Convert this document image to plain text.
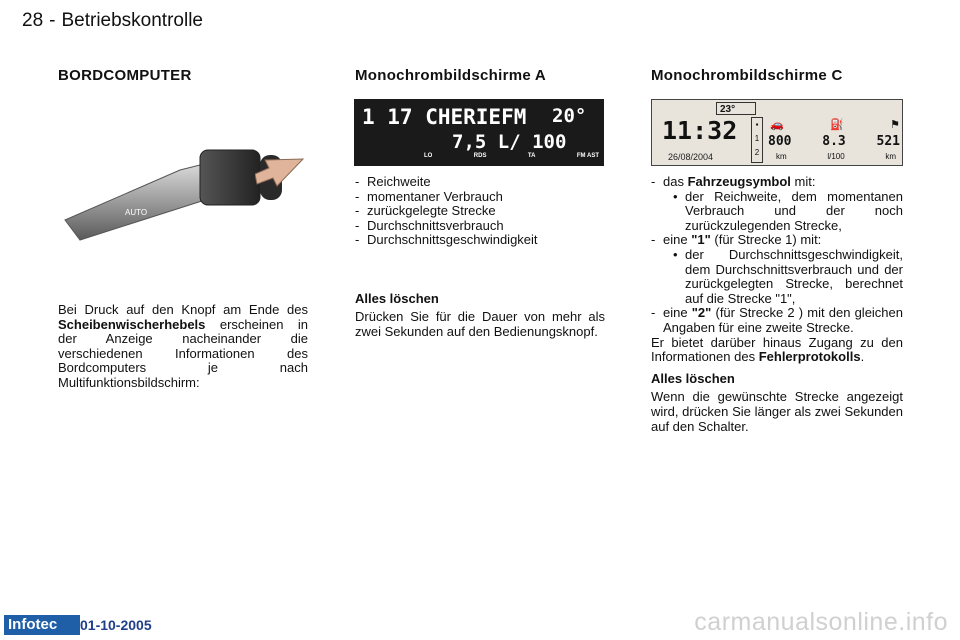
28 - Betriebskontrolle
BORDCOMPUTER
AUTO
Bei Druck auf den Knopf am Ende des Scheibenwischerhebels erscheinen in der Anzeige nacheinander die verschiedenen Informationen des Bordcomputers je nach Multifunktionsbildschirm:
Monochrombildschirme A
1 17 CHERIEFM 20°
7,5 L/ 100
LO	RDS	TA	FM AST
- Reichweite
- momentaner Verbrauch
- zurückgelegte Strecke
- Durchschnittsverbrauch
- Durchschnittsgeschwindigkeit
Alles löschen
Drücken Sie für die Dauer von mehr als zwei Sekunden auf den Bedienungsknopf.
Monochrombildschirme C
23°
11:32
26/08/2004
▪
1
2
🚗	⛽	⚑
800 8.3 521
km	l/100	km
- das Fahrzeugsymbol mit:
• der Reichweite, dem momentanen Verbrauch und der noch zurückzulegenden Strecke,
- eine "1" (für Strecke 1) mit:
• der Durchschnittsgeschwindigkeit, dem Durchschnittsverbrauch und der zurückgelegten Strecke, berechnet auf die Strecke "1",
- eine "2" (für Strecke 2 ) mit den gleichen Angaben für eine zweite Strecke.
Er bietet darüber hinaus Zugang zu den Informationen des Fehlerprotokolls.
Alles löschen
Wenn die gewünschte Strecke angezeigt wird, drücken Sie länger als zwei Sekunden auf den Schalter.
Infotec	01-10-2005	carmanualsonline.info
